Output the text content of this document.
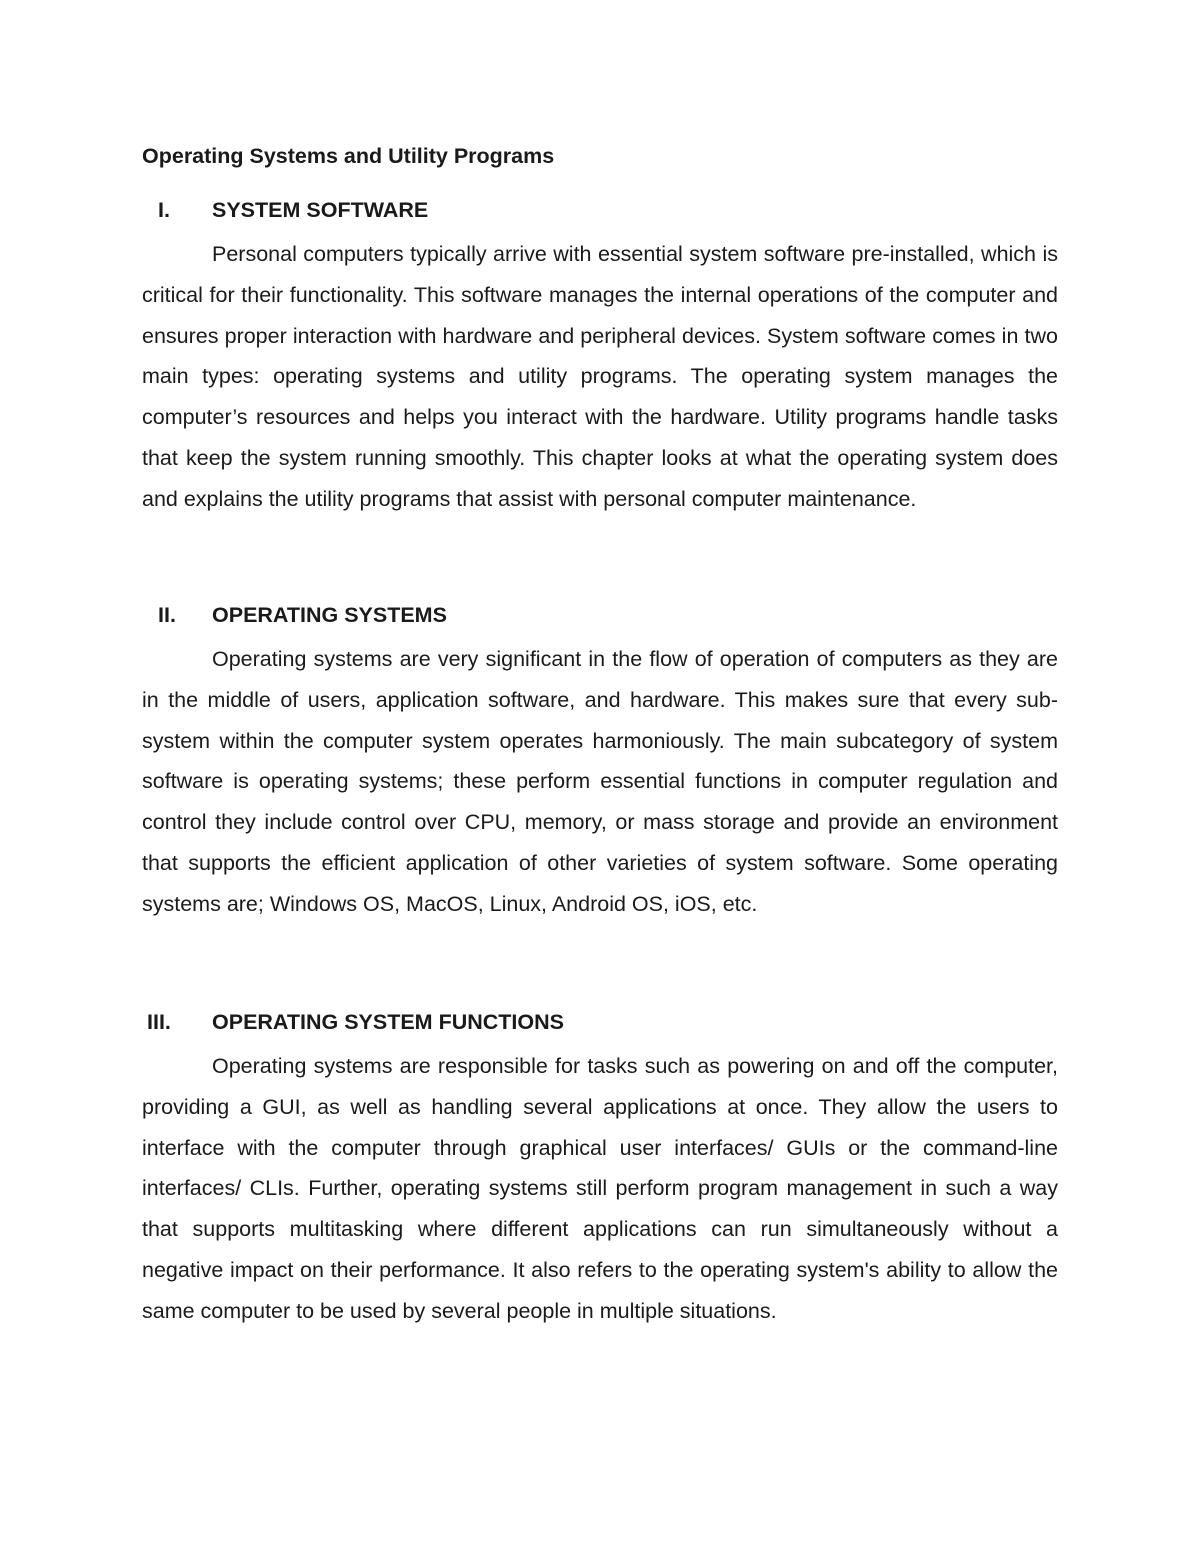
Operating Systems and Utility Programs
I. SYSTEM SOFTWARE

Personal computers typically arrive with essential system software pre-installed, which is critical for their functionality. This software manages the internal operations of the computer and ensures proper interaction with hardware and peripheral devices. System software comes in two main types: operating systems and utility programs. The operating system manages the computer’s resources and helps you interact with the hardware. Utility programs handle tasks that keep the system running smoothly. This chapter looks at what the operating system does and explains the utility programs that assist with personal computer maintenance.

II. OPERATING SYSTEMS

Operating systems are very significant in the flow of operation of computers as they are in the middle of users, application software, and hardware. This makes sure that every sub-system within the computer system operates harmoniously. The main subcategory of system software is operating systems; these perform essential functions in computer regulation and control they include control over CPU, memory, or mass storage and provide an environment that supports the efficient application of other varieties of system software. Some operating systems are; Windows OS, MacOS, Linux, Android OS, iOS, etc.

III. OPERATING SYSTEM FUNCTIONS

Operating systems are responsible for tasks such as powering on and off the computer, providing a GUI, as well as handling several applications at once. They allow the users to interface with the computer through graphical user interfaces/ GUIs or the command-line interfaces/ CLIs. Further, operating systems still perform program management in such a way that supports multitasking where different applications can run simultaneously without a negative impact on their performance. It also refers to the operating system's ability to allow the same computer to be used by several people in multiple situations.
